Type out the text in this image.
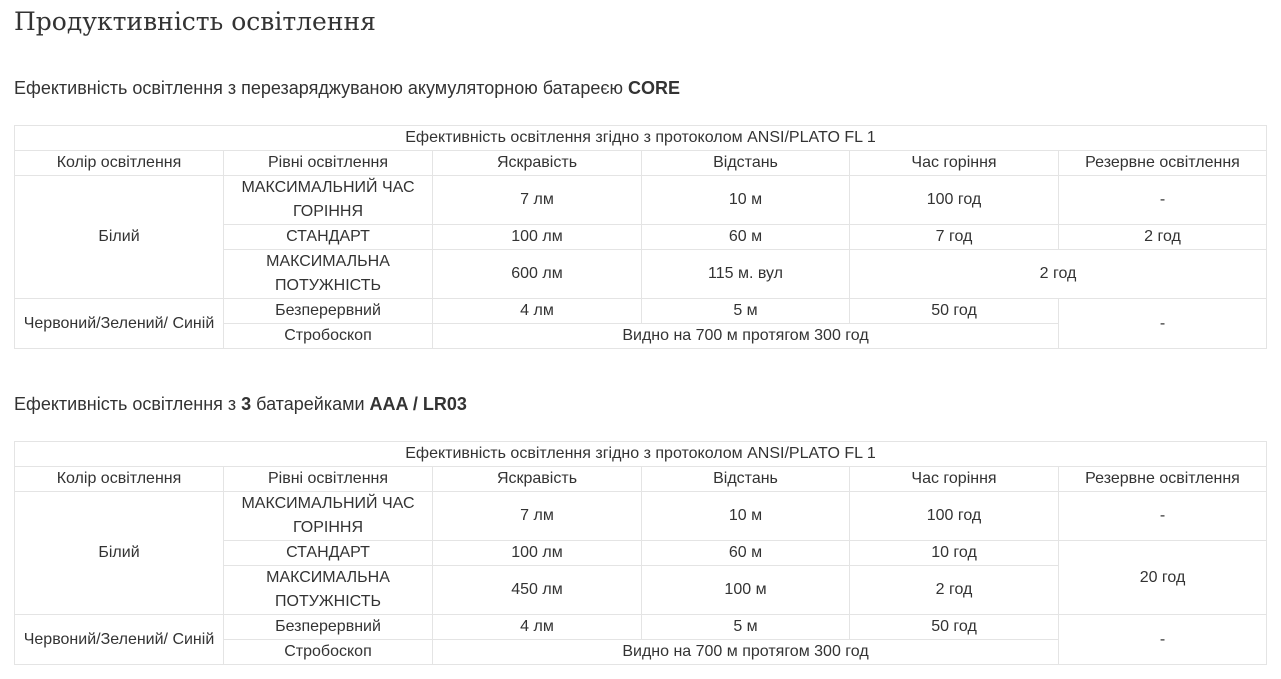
Продуктивність освітлення
Ефективність освітлення з перезаряджуваною акумуляторною батареєю CORE
Ефективність освітлення згідно з протоколом ANSI/PLATO FL 1					
Колір освітлення	Рівні освітлення	Яскравість	Відстань	Час горіння	Резервне освітлення
Білий	МАКСИМАЛЬНИЙ ЧАС ГОРІННЯ	7 лм	10 м	100 год	-
	СТАНДАРТ	100 лм	60 м	7 год	2 год
	МАКСИМАЛЬНА ПОТУЖНІСТЬ	600 лм	115 м. вул	2 год	
Червоний/Зелений/ Синій	Безперервний	4 лм	5 м	50 год	-
	Стробоскоп	Видно на 700 м протягом 300 год			
Ефективність освітлення з 3 батарейками AAA / LR03
Ефективність освітлення згідно з протоколом ANSI/PLATO FL 1					
Колір освітлення	Рівні освітлення	Яскравість	Відстань	Час горіння	Резервне освітлення
Білий	МАКСИМАЛЬНИЙ ЧАС ГОРІННЯ	7 лм	10 м	100 год	-
	СТАНДАРТ	100 лм	60 м	10 год	20 год
	МАКСИМАЛЬНА ПОТУЖНІСТЬ	450 лм	100 м	2 год	
Червоний/Зелений/ Синій	Безперервний	4 лм	5 м	50 год	-
	Стробоскоп	Видно на 700 м протягом 300 год			
